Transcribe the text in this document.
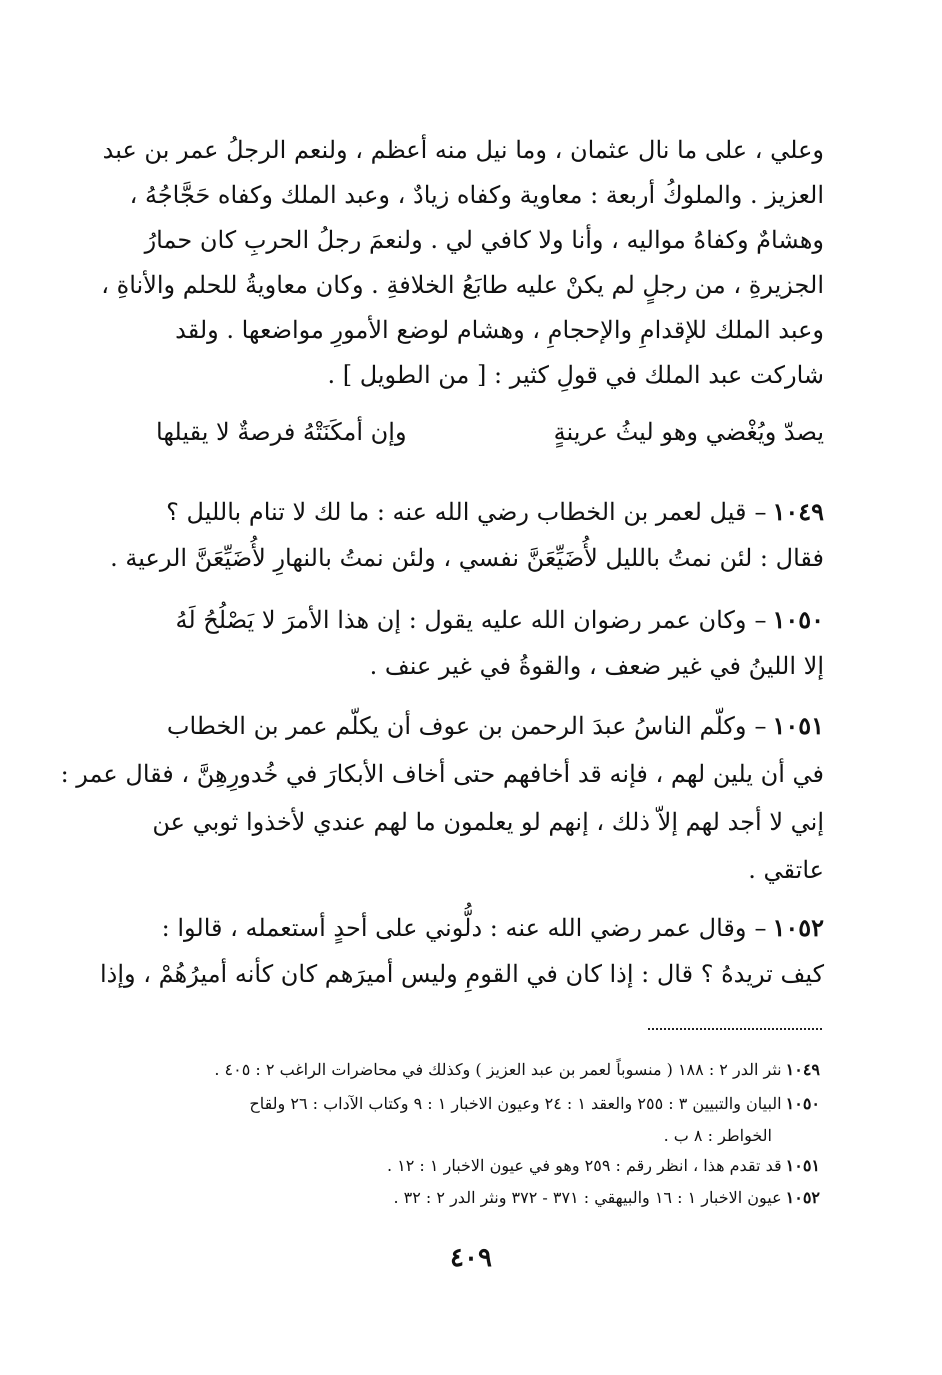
وعلي ، على ما نال عثمان ، وما نيل منه أعظم ، ولنعم الرجلُ عمر بن عبد
العزيز . والملوكُ أربعة : معاوية وكفاه زيادٌ ، وعبد الملك وكفاه حَجَّاجُهُ ،
وهشامٌ وكفاهُ مواليه ، وأنا ولا كافي لي . ولنعمَ رجلُ الحربِ كان حمارُ
الجزيرةِ ، من رجلٍ لم يكنْ عليه طابَعُ الخلافةِ . وكان معاويةُ للحلم والأناةِ ،
وعبد الملك للإقدامِ والإحجامِ ، وهشام لوضع الأمورِ مواضعها . ولقد
شاركت عبد الملك في قولِ كثير : [ من الطويل ] .
يصدّ ويُغْضي وهو ليثُ عرينةٍ
وإن أمكَنَتْهُ فرصةٌ لا يقيلها
١٠٤٩–قيل لعمر بن الخطاب رضي الله عنه : ما لك لا تنام بالليل ؟
فقال : لئن نمتُ بالليل لأُضَيِّعَنَّ نفسي ، ولئن نمتُ بالنهارِ لأُضَيِّعَنَّ الرعية .
١٠٥٠–وكان عمر رضوان الله عليه يقول : إن هذا الأمرَ لا يَصْلُحُ لَهُ
إلا اللينُ في غير ضعف ، والقوةُ في غير عنف .
١٠٥١–وكلّم الناسُ عبدَ الرحمن بن عوف أن يكلّم عمر بن الخطاب
في أن يلين لهم ، فإنه قد أخافهم حتى أخاف الأبكارَ في خُدورِهِنَّ ، فقال عمر :
إني لا أجد لهم إلاّ ذلك ، إنهم لو يعلمون ما لهم عندي لأخذوا ثوبي عن
عاتقي .
١٠٥٢–وقال عمر رضي الله عنه : دلُّوني على أحدٍ أستعمله ، قالوا :
كيف تريدهُ ؟ قال : إذا كان في القومِ وليس أميرَهم كان كأنه أميرُهُمْ ، وإذا
١٠٤٩نثر الدر ٢ : ١٨٨ ( منسوباً لعمر بن عبد العزيز ) وكذلك في محاضرات الراغب ٢ : ٤٠٥ .
١٠٥٠البيان والتبيين ٣ : ٢٥٥ والعقد ١ : ٢٤ وعيون الاخبار ١ : ٩ وكتاب الآداب : ٢٦ ولقاح
الخواطر : ٨ ب .
١٠٥١قد تقدم هذا ، انظر رقم : ٢٥٩ وهو في عيون الاخبار ١ : ١٢ .
١٠٥٢عيون الاخبار ١ : ١٦ والبيهقي : ٣٧١ - ٣٧٢ ونثر الدر ٢ : ٣٢ .
٤٠٩
